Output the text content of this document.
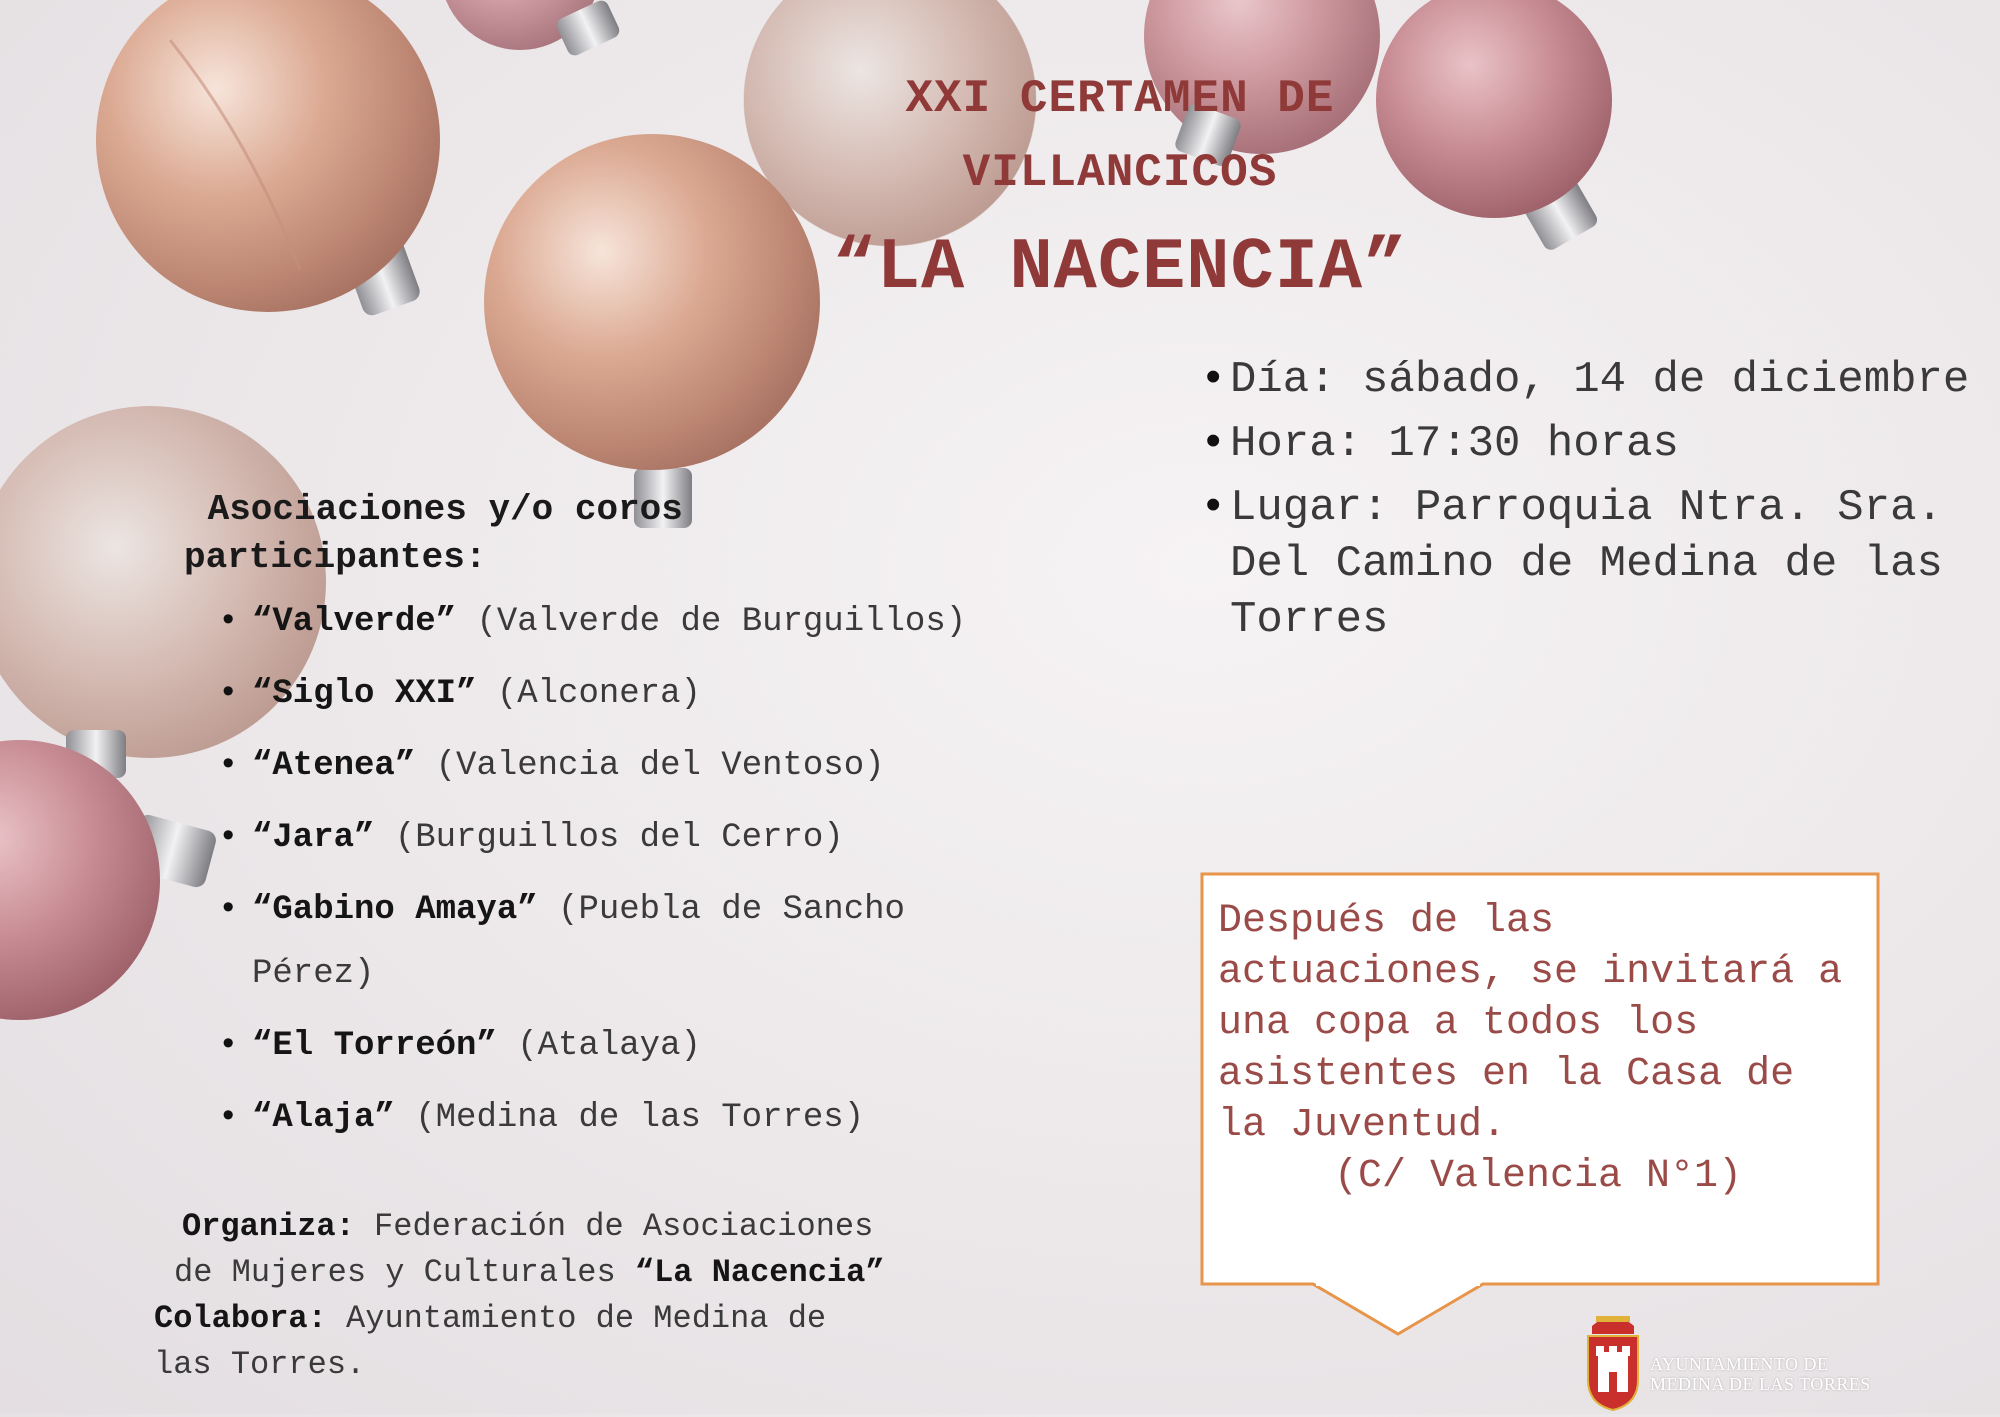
XXI CERTAMEN DE
VILLANCICOS
“LA NACENCIA”
Asociaciones y/o coros
participantes:
• “Valverde” (Valverde de Burguillos)
• “Siglo XXI” (Alconera)
• “Atenea” (Valencia del Ventoso)
• “Jara” (Burguillos del Cerro)
• “Gabino Amaya” (Puebla de Sancho Pérez)
• “El Torreón” (Atalaya)
• “Alaja” (Medina de las Torres)
Organiza: Federación de Asociaciones
de Mujeres y Culturales “La Nacencia”
Colabora: Ayuntamiento de Medina de
las Torres.
• Día: sábado, 14 de diciembre
• Hora: 17:30 horas
• Lugar: Parroquia Ntra. Sra. Del Camino de Medina de las Torres
Después de las actuaciones, se invitará a una copa a todos los asistentes en la Casa de la Juventud.
(C/ Valencia N°1)
AYUNTAMIENTO DE
MEDINA DE LAS TORRES
